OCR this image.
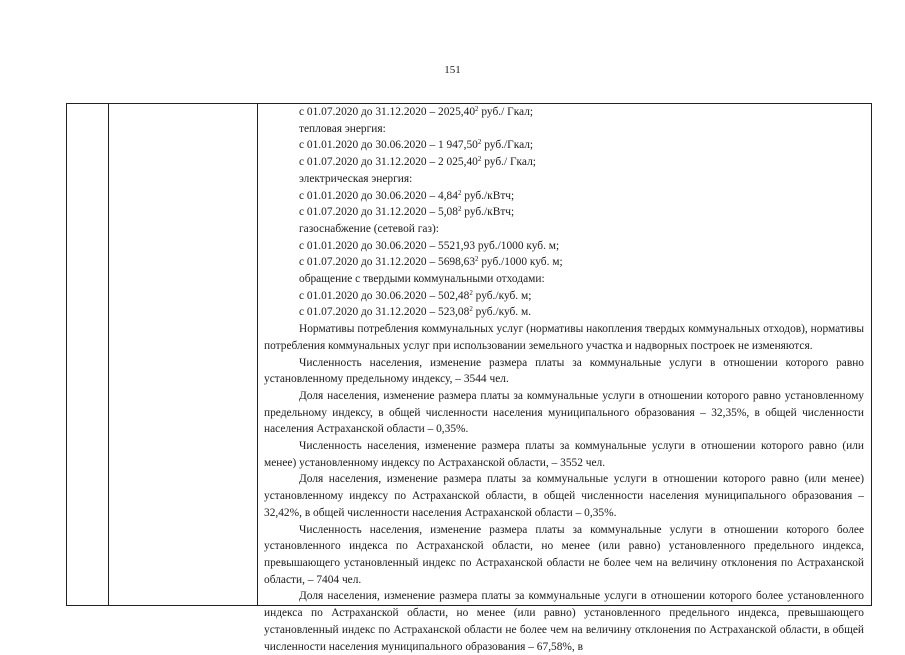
151

с 01.07.2020 до 31.12.2020 – 2025,40$^2$ руб./ Гкал;

тепловая энергия:

с 01.01.2020 до 30.06.2020 – 1 947,50$^2$ руб./Гкал;

с 01.07.2020 до 31.12.2020 – 2 025,40$^2$ руб./ Гкал;

электрическая энергия:

с 01.01.2020 до 30.06.2020 – 4,84$^2$ руб./кВтч;

с 01.07.2020 до 31.12.2020 – 5,08$^2$ руб./кВтч;

газоснабжение (сетевой газ):

с 01.01.2020 до 30.06.2020 – 5521,93 руб./1000 куб. м;

с 01.07.2020 до 31.12.2020 – 5698,63$^2$ руб./1000 куб. м;

обращение с твердыми коммунальными отходами:

с 01.01.2020 до 30.06.2020 – 502,48$^2$ руб./куб. м;

с 01.07.2020 до 31.12.2020 – 523,08$^2$ руб./куб. м.

Нормативы потребления коммунальных услуг (нормативы накопления твердых коммунальных отходов), нормативы потребления коммунальных услуг при использовании земельного участка и надворных построек не изменяются.

Численность населения, изменение размера платы за коммунальные услуги в отношении которого равно установленному предельному индексу, – 3544 чел.

Доля населения, изменение размера платы за коммунальные услуги в отношении которого равно установленному предельному индексу, в общей численности населения муниципального образования – 32,35%, в общей численности населения Астраханской области – 0,35%.

Численность населения, изменение размера платы за коммунальные услуги в отношении которого равно (или менее) установленному индексу по Астраханской области, – 3552 чел.

Доля населения, изменение размера платы за коммунальные услуги в отношении которого равно (или менее) установленному индексу по Астраханской области, в общей численности населения муниципального образования – 32,42%, в общей численности населения Астраханской области – 0,35%.

Численность населения, изменение размера платы за коммунальные услуги в отношении которого более установленного индекса по Астраханской области, но менее (или равно) установленного предельного индекса, превышающего установленный индекс по Астраханской области не более чем на величину отклонения по Астраханской области, – 7404 чел.

Доля населения, изменение размера платы за коммунальные услуги в отношении которого более установленного индекса по Астраханской области, но менее (или равно) установленного предельного индекса, превышающего установленный индекс по Астраханской области не более чем на величину отклонения по Астраханской области, в общей численности населения муниципального образования – 67,58%, в
